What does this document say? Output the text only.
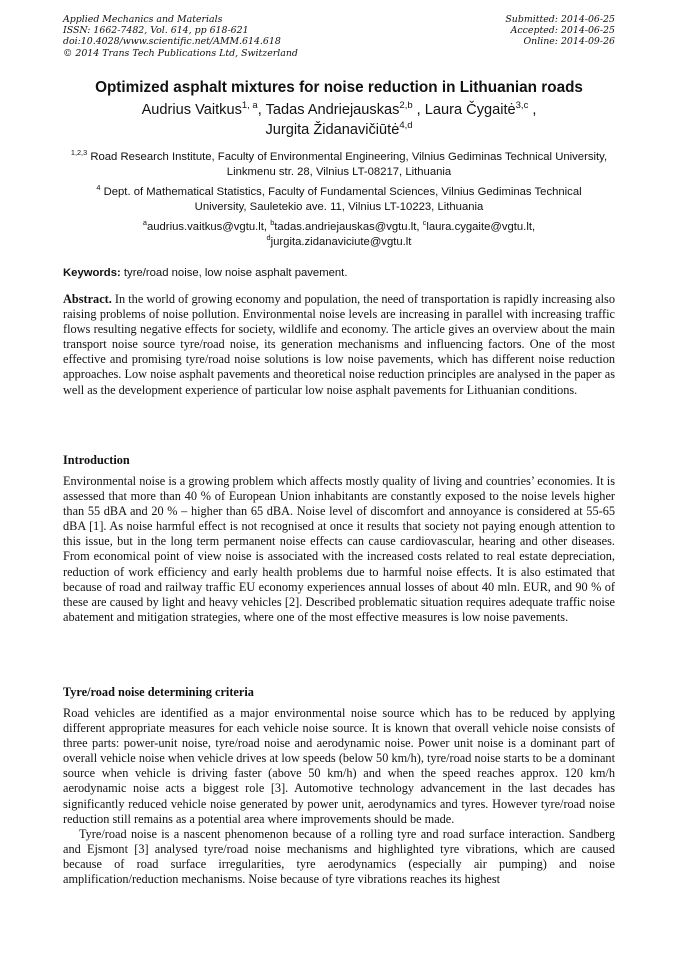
Applied Mechanics and Materials
ISSN: 1662-7482, Vol. 614, pp 618-621
doi:10.4028/www.scientific.net/AMM.614.618
© 2014 Trans Tech Publications Ltd, Switzerland
Submitted: 2014-06-25
Accepted: 2014-06-25
Online: 2014-09-26
Optimized asphalt mixtures for noise reduction in Lithuanian roads
Audrius Vaitkus$^{1, a}$, Tadas Andriejauskas$^{2,b}$ , Laura Čygaitė$^{3,c}$ ,
Jurgita Židanavičiūtė$^{4,d}$
$^{1,2,3}$ Road Research Institute, Faculty of Environmental Engineering, Vilnius Gediminas Technical University, Linkmenu str. 28, Vilnius LT-08217, Lithuania
$^4$ Dept. of Mathematical Statistics, Faculty of Fundamental Sciences, Vilnius Gediminas Technical University, Sauletekio ave. 11, Vilnius LT-10223, Lithuania
$^a$audrius.vaitkus@vgtu.lt, $^b$tadas.andriejauskas@vgtu.lt, $^c$laura.cygaite@vgtu.lt,
$^d$jurgita.zidanaviciute@vgtu.lt
Keywords: tyre/road noise, low noise asphalt pavement.
Abstract. In the world of growing economy and population, the need of transportation is rapidly increasing also raising problems of noise pollution. Environmental noise levels are increasing in parallel with increasing traffic flows resulting negative effects for society, wildlife and economy. The article gives an overview about the main transport noise source tyre/road noise, its generation mechanisms and influencing factors. One of the most effective and promising tyre/road noise solutions is low noise pavements, which has different noise reduction approaches. Low noise asphalt pavements and theoretical noise reduction principles are analysed in the paper as well as the development experience of particular low noise asphalt pavements for Lithuanian conditions.
Introduction

Environmental noise is a growing problem which affects mostly quality of living and countries’ economies. It is assessed that more than 40 % of European Union inhabitants are constantly exposed to the noise levels higher than 55 dBA and 20 % – higher than 65 dBA. Noise level of discomfort and annoyance is considered at 55-65 dBA [1]. As noise harmful effect is not recognised at once it results that society not paying enough attention to this issue, but in the long term permanent noise effects can cause cardiovascular, hearing and other diseases. From economical point of view noise is associated with the increased costs related to real estate depreciation, reduction of work efficiency and early health problems due to harmful noise effects. It is also estimated that because of road and railway traffic EU economy experiences annual losses of about 40 mln. EUR, and 90 % of these are caused by light and heavy vehicles [2]. Described problematic situation requires adequate traffic noise abatement and mitigation strategies, where one of the most effective measures is low noise pavements.

Tyre/road noise determining criteria

Road vehicles are identified as a major environmental noise source which has to be reduced by applying different appropriate measures for each vehicle noise source. It is known that overall vehicle noise consists of three parts: power-unit noise, tyre/road noise and aerodynamic noise. Power unit noise is a dominant part of overall vehicle noise when vehicle drives at low speeds (below 50 km/h), tyre/road noise starts to be a dominant source when vehicle is driving faster (above 50 km/h) and when the speed reaches approx. 120 km/h aerodynamic noise acts a biggest role [3]. Automotive technology advancement in the last decades has significantly reduced vehicle noise generated by power unit, aerodynamics and tyres. However tyre/road noise reduction still remains as a potential area where improvements should be made.

Tyre/road noise is a nascent phenomenon because of a rolling tyre and road surface interaction. Sandberg and Ejsmont [3] analysed tyre/road noise mechanisms and highlighted tyre vibrations, which are caused because of road surface irregularities, tyre aerodynamics (especially air pumping) and noise amplification/reduction mechanisms. Noise because of tyre vibrations reaches its highest
